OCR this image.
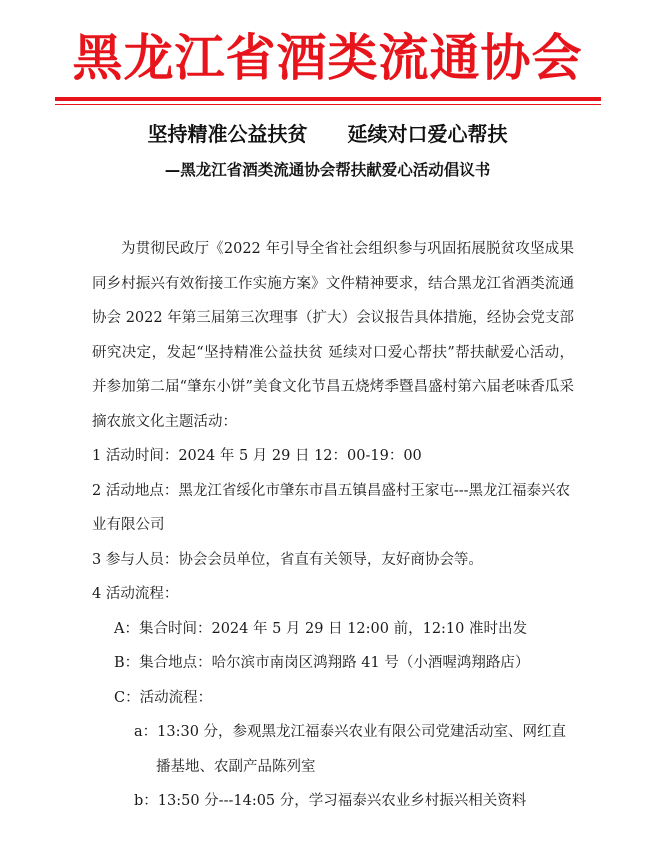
黑龙江省酒类流通协会
坚持精准公益扶贫 延续对口爱心帮扶
—黑龙江省酒类流通协会帮扶献爱心活动倡议书

为贯彻民政厅《2022 年引导全省社会组织参与巩固拓展脱贫攻坚成果同乡村振兴有效衔接工作实施方案》文件精神要求，结合黑龙江省酒类流通协会 2022 年第三届第三次理事（扩大）会议报告具体措施，经协会党支部研究决定，发起“坚持精准公益扶贫 延续对口爱心帮扶”帮扶献爱心活动，并参加第二届“肇东小饼”美食文化节昌五烧烤季暨昌盛村第六届老味香瓜采摘农旅文化主题活动：

1 活动时间：2024 年 5 月 29 日 12：00-19：00

2 活动地点：黑龙江省绥化市肇东市昌五镇昌盛村王家屯---黑龙江福泰兴农业有限公司

3 参与人员：协会会员单位，省直有关领导，友好商协会等。

4 活动流程：

A：集合时间：2024 年 5 月 29 日 12:00 前，12:10 准时出发

B：集合地点：哈尔滨市南岗区鸿翔路 41 号（小酒喔鸿翔路店）

C：活动流程：

a：13:30 分，参观黑龙江福泰兴农业有限公司党建活动室、网红直播基地、农副产品陈列室

b：13:50 分---14:05 分，学习福泰兴农业乡村振兴相关资料
